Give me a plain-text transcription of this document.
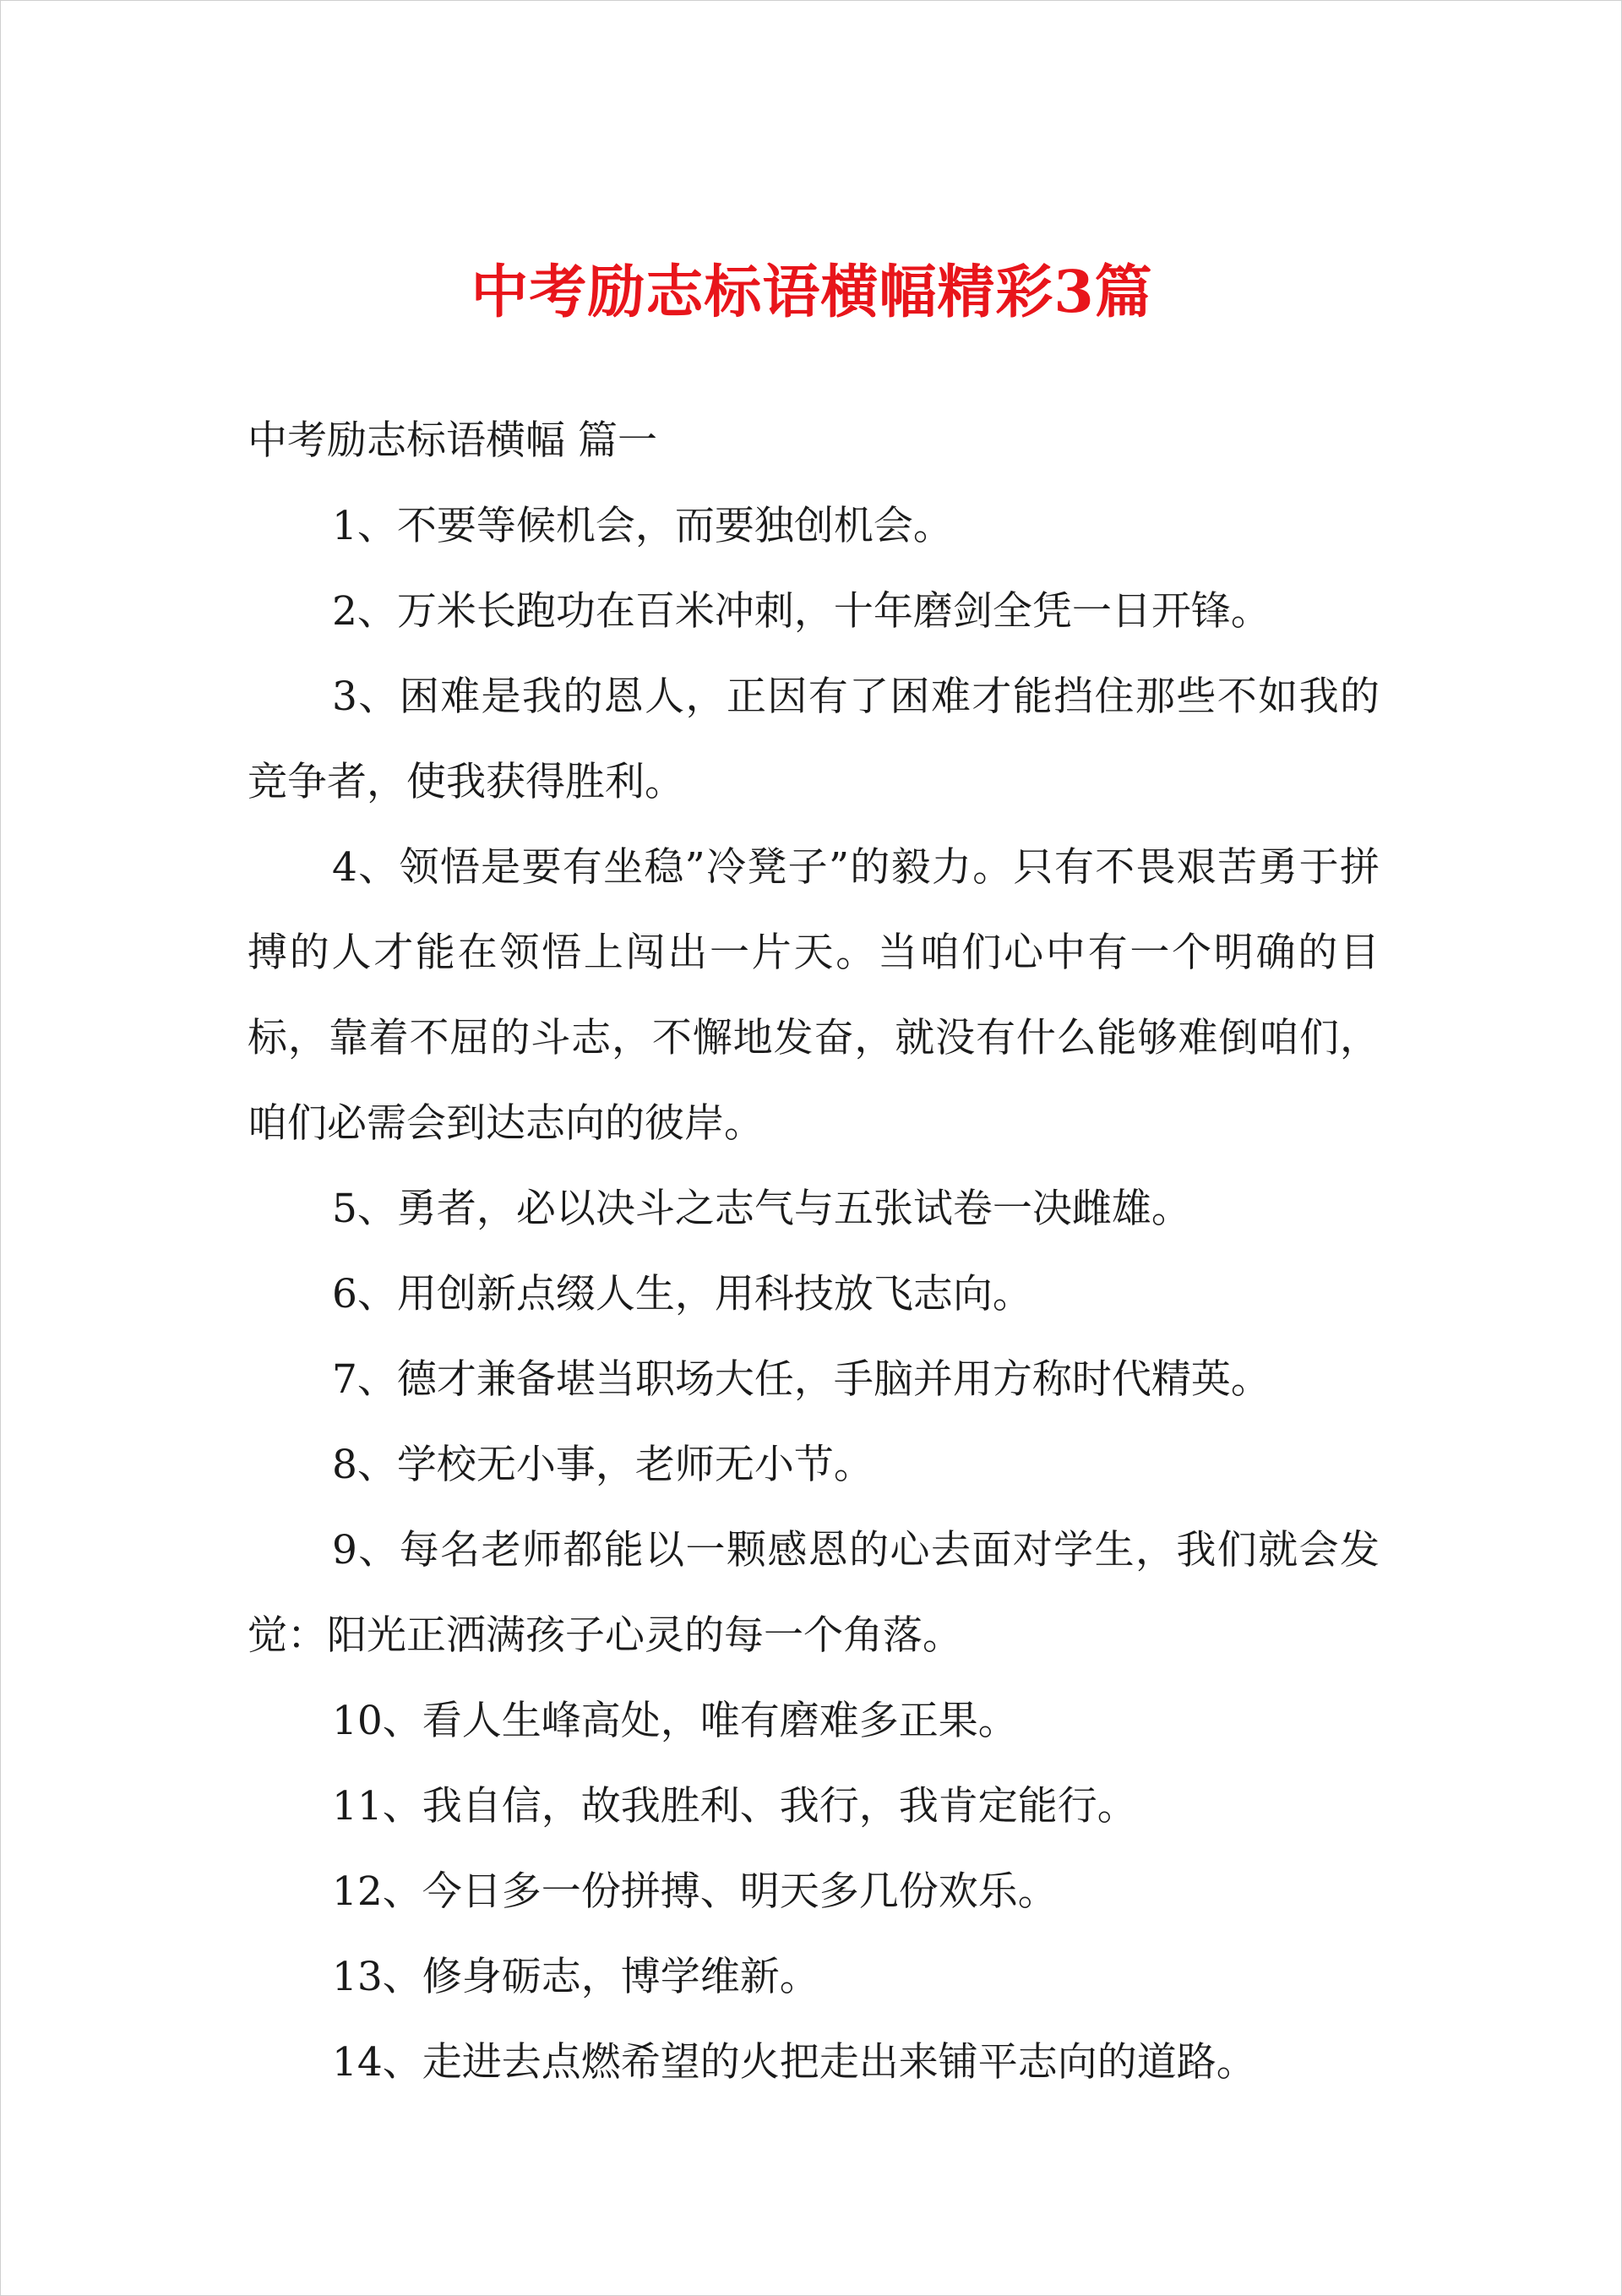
中考励志标语横幅精彩3篇

中考励志标语横幅 篇一

1、不要等候机会，而要独创机会。

2、万米长跑功在百米冲刺，十年磨剑全凭一日开锋。

3、困难是我的恩人，正因有了困难才能挡住那些不如我的竞争者，使我获得胜利。

4、领悟是要有坐稳”冷凳子”的毅力。只有不畏艰苦勇于拼搏的人才能在领悟上闯出一片天。当咱们心中有一个明确的目标，靠着不屈的斗志，不懈地发奋，就没有什么能够难倒咱们，咱们必需会到达志向的彼岸。

5、勇者，必以决斗之志气与五张试卷一决雌雄。

6、用创新点缀人生，用科技放飞志向。

7、德才兼备堪当职场大任，手脑并用方称时代精英。

8、学校无小事，老师无小节。

9、每名老师都能以一颗感恩的心去面对学生，我们就会发觉：阳光正洒满孩子心灵的每一个角落。

10、看人生峰高处，唯有磨难多正果。

11、我自信，故我胜利、我行，我肯定能行。

12、今日多一份拼搏、明天多几份欢乐。

13、修身砺志，博学维新。

14、走进去点燃希望的火把走出来铺平志向的道路。
